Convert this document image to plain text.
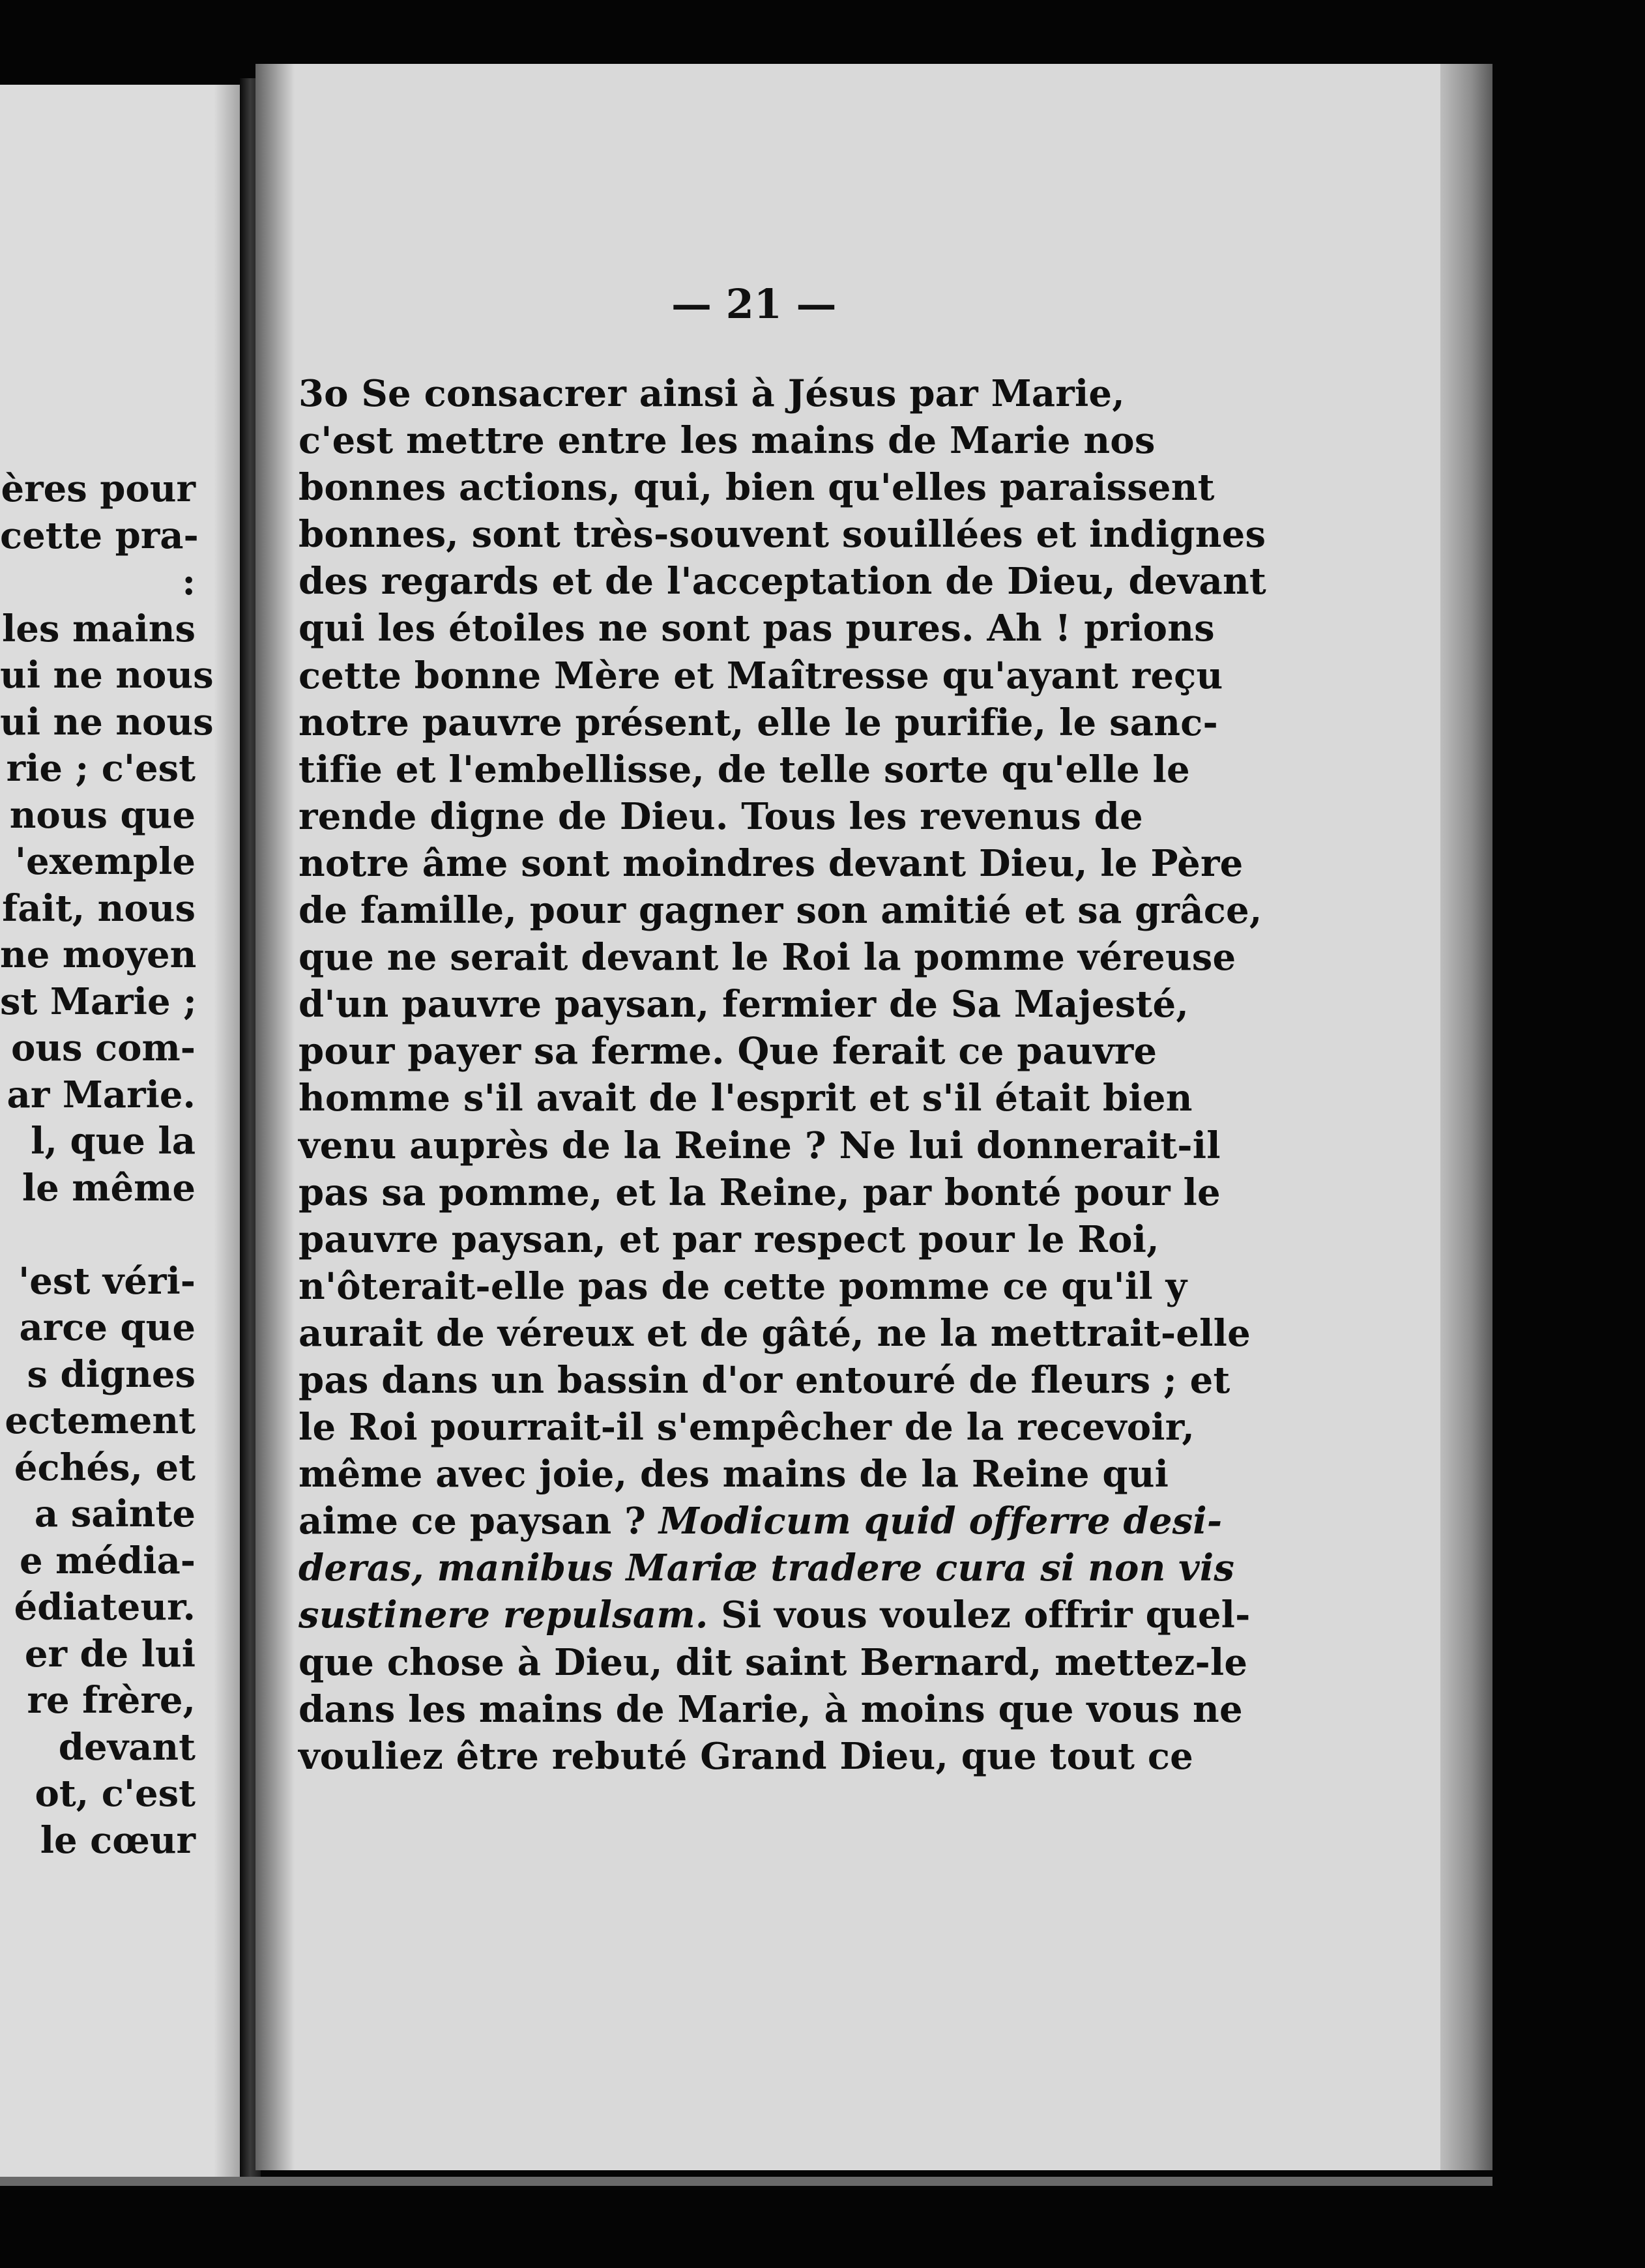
ères pour
cette pra-
:
les mains
ui ne nous
ui ne nous
rie ; c'est
nous que
'exemple
fait, nous
ne moyen
st Marie ;
ous com-
ar Marie.
l, que la
le même

'est véri-
arce que
s dignes
ectement
échés, et
a sainte
e média-
édiateur.
er de lui
re frère,
devant
ot, c'est
le cœur
— 21 —
3o Se consacrer ainsi à Jésus par Marie,
c'est mettre entre les mains de Marie nos
bonnes actions, qui, bien qu'elles paraissent
bonnes, sont très-souvent souillées et indignes
des regards et de l'acceptation de Dieu, devant
qui les étoiles ne sont pas pures. Ah ! prions
cette bonne Mère et Maîtresse qu'ayant reçu
notre pauvre présent, elle le purifie, le sanc-
tifie et l'embellisse, de telle sorte qu'elle le
rende digne de Dieu. Tous les revenus de
notre âme sont moindres devant Dieu, le Père
de famille, pour gagner son amitié et sa grâce,
que ne serait devant le Roi la pomme véreuse
d'un pauvre paysan, fermier de Sa Majesté,
pour payer sa ferme. Que ferait ce pauvre
homme s'il avait de l'esprit et s'il était bien
venu auprès de la Reine ? Ne lui donnerait-il
pas sa pomme, et la Reine, par bonté pour le
pauvre paysan, et par respect pour le Roi,
n'ôterait-elle pas de cette pomme ce qu'il y
aurait de véreux et de gâté, ne la mettrait-elle
pas dans un bassin d'or entouré de fleurs ; et
le Roi pourrait-il s'empêcher de la recevoir,
même avec joie, des mains de la Reine qui
aime ce paysan ? Modicum quid offerre desi-
deras, manibus Mariæ tradere cura si non vis
sustinere repulsam. Si vous voulez offrir quel-
que chose à Dieu, dit saint Bernard, mettez-le
dans les mains de Marie, à moins que vous ne
vouliez être rebuté Grand Dieu, que tout ce
